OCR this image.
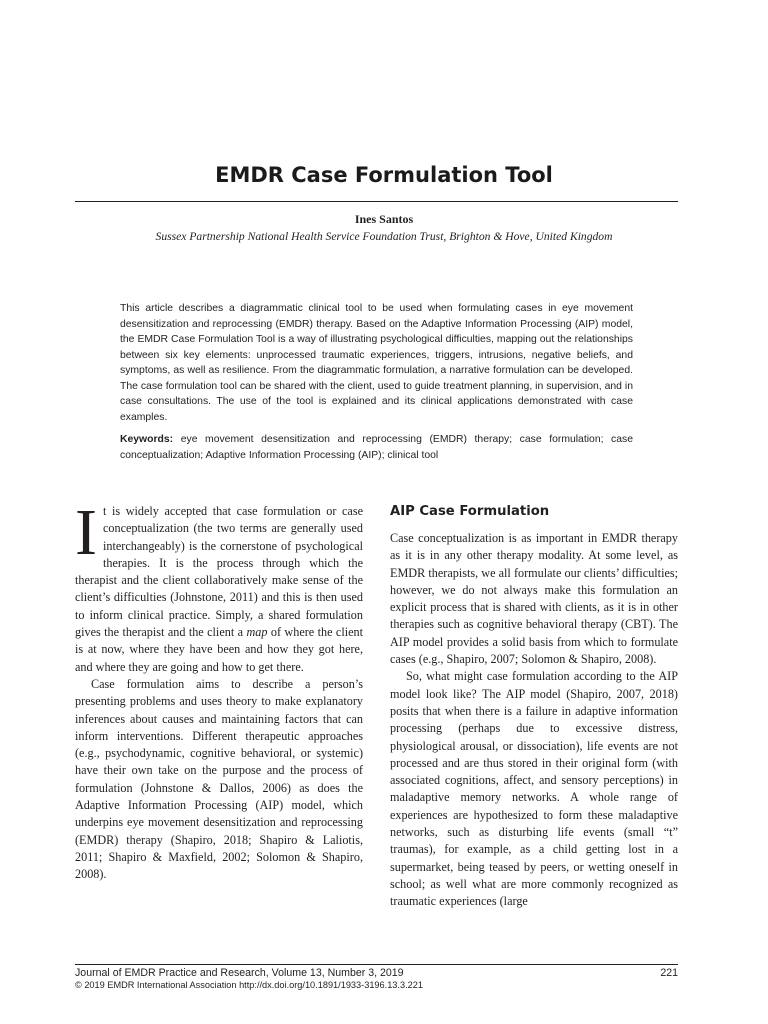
EMDR Case Formulation Tool
Ines Santos
Sussex Partnership National Health Service Foundation Trust, Brighton & Hove, United Kingdom
This article describes a diagrammatic clinical tool to be used when formulating cases in eye movement desensitization and reprocessing (EMDR) therapy. Based on the Adaptive Information Processing (AIP) model, the EMDR Case Formulation Tool is a way of illustrating psychological difficulties, mapping out the relationships between six key elements: unprocessed traumatic experiences, triggers, intrusions, negative beliefs, and symptoms, as well as resilience. From the diagrammatic formulation, a narrative formulation can be developed. The case formulation tool can be shared with the client, used to guide treatment planning, in supervision, and in case consultations. The use of the tool is explained and its clinical applications demonstrated with case examples.
Keywords: eye movement desensitization and reprocessing (EMDR) therapy; case formulation; case conceptualization; Adaptive Information Processing (AIP); clinical tool

It is widely accepted that case formulation or case conceptualization (the two terms are generally used interchangeably) is the cornerstone of psychological therapies. It is the process through which the therapist and the client collaboratively make sense of the client’s difficulties (Johnstone, 2011) and this is then used to inform clinical practice. Simply, a shared formulation gives the therapist and the client a map of where the client is at now, where they have been and how they got here, and where they are going and how to get there.

Case formulation aims to describe a person’s presenting problems and uses theory to make explanatory inferences about causes and maintaining factors that can inform interventions. Different therapeutic approaches (e.g., psychodynamic, cognitive behavioral, or systemic) have their own take on the purpose and the process of formulation (Johnstone & Dallos, 2006) as does the Adaptive Information Processing (AIP) model, which underpins eye movement desensitization and reprocessing (EMDR) therapy (Shapiro, 2018; Shapiro & Laliotis, 2011; Shapiro & Maxfield, 2002; Solomon & Shapiro, 2008).

AIP Case Formulation

Case conceptualization is as important in EMDR therapy as it is in any other therapy modality. At some level, as EMDR therapists, we all formulate our clients’ difficulties; however, we do not always make this formulation an explicit process that is shared with clients, as it is in other therapies such as cognitive behavioral therapy (CBT). The AIP model provides a solid basis from which to formulate cases (e.g., Shapiro, 2007; Solomon & Shapiro, 2008).

So, what might case formulation according to the AIP model look like? The AIP model (Shapiro, 2007, 2018) posits that when there is a failure in adaptive information processing (perhaps due to excessive distress, physiological arousal, or dissociation), life events are not processed and are thus stored in their original form (with associated cognitions, affect, and sensory perceptions) in maladaptive memory networks. A whole range of experiences are hypothesized to form these maladaptive networks, such as disturbing life events (small “t” traumas), for example, as a child getting lost in a supermarket, being teased by peers, or wetting oneself in school; as well what are more commonly recognized as traumatic experiences (large

Journal of EMDR Practice and Research, Volume 13, Number 3, 2019	221
© 2019 EMDR International Association http://dx.doi.org/10.1891/1933-3196.13.3.221
